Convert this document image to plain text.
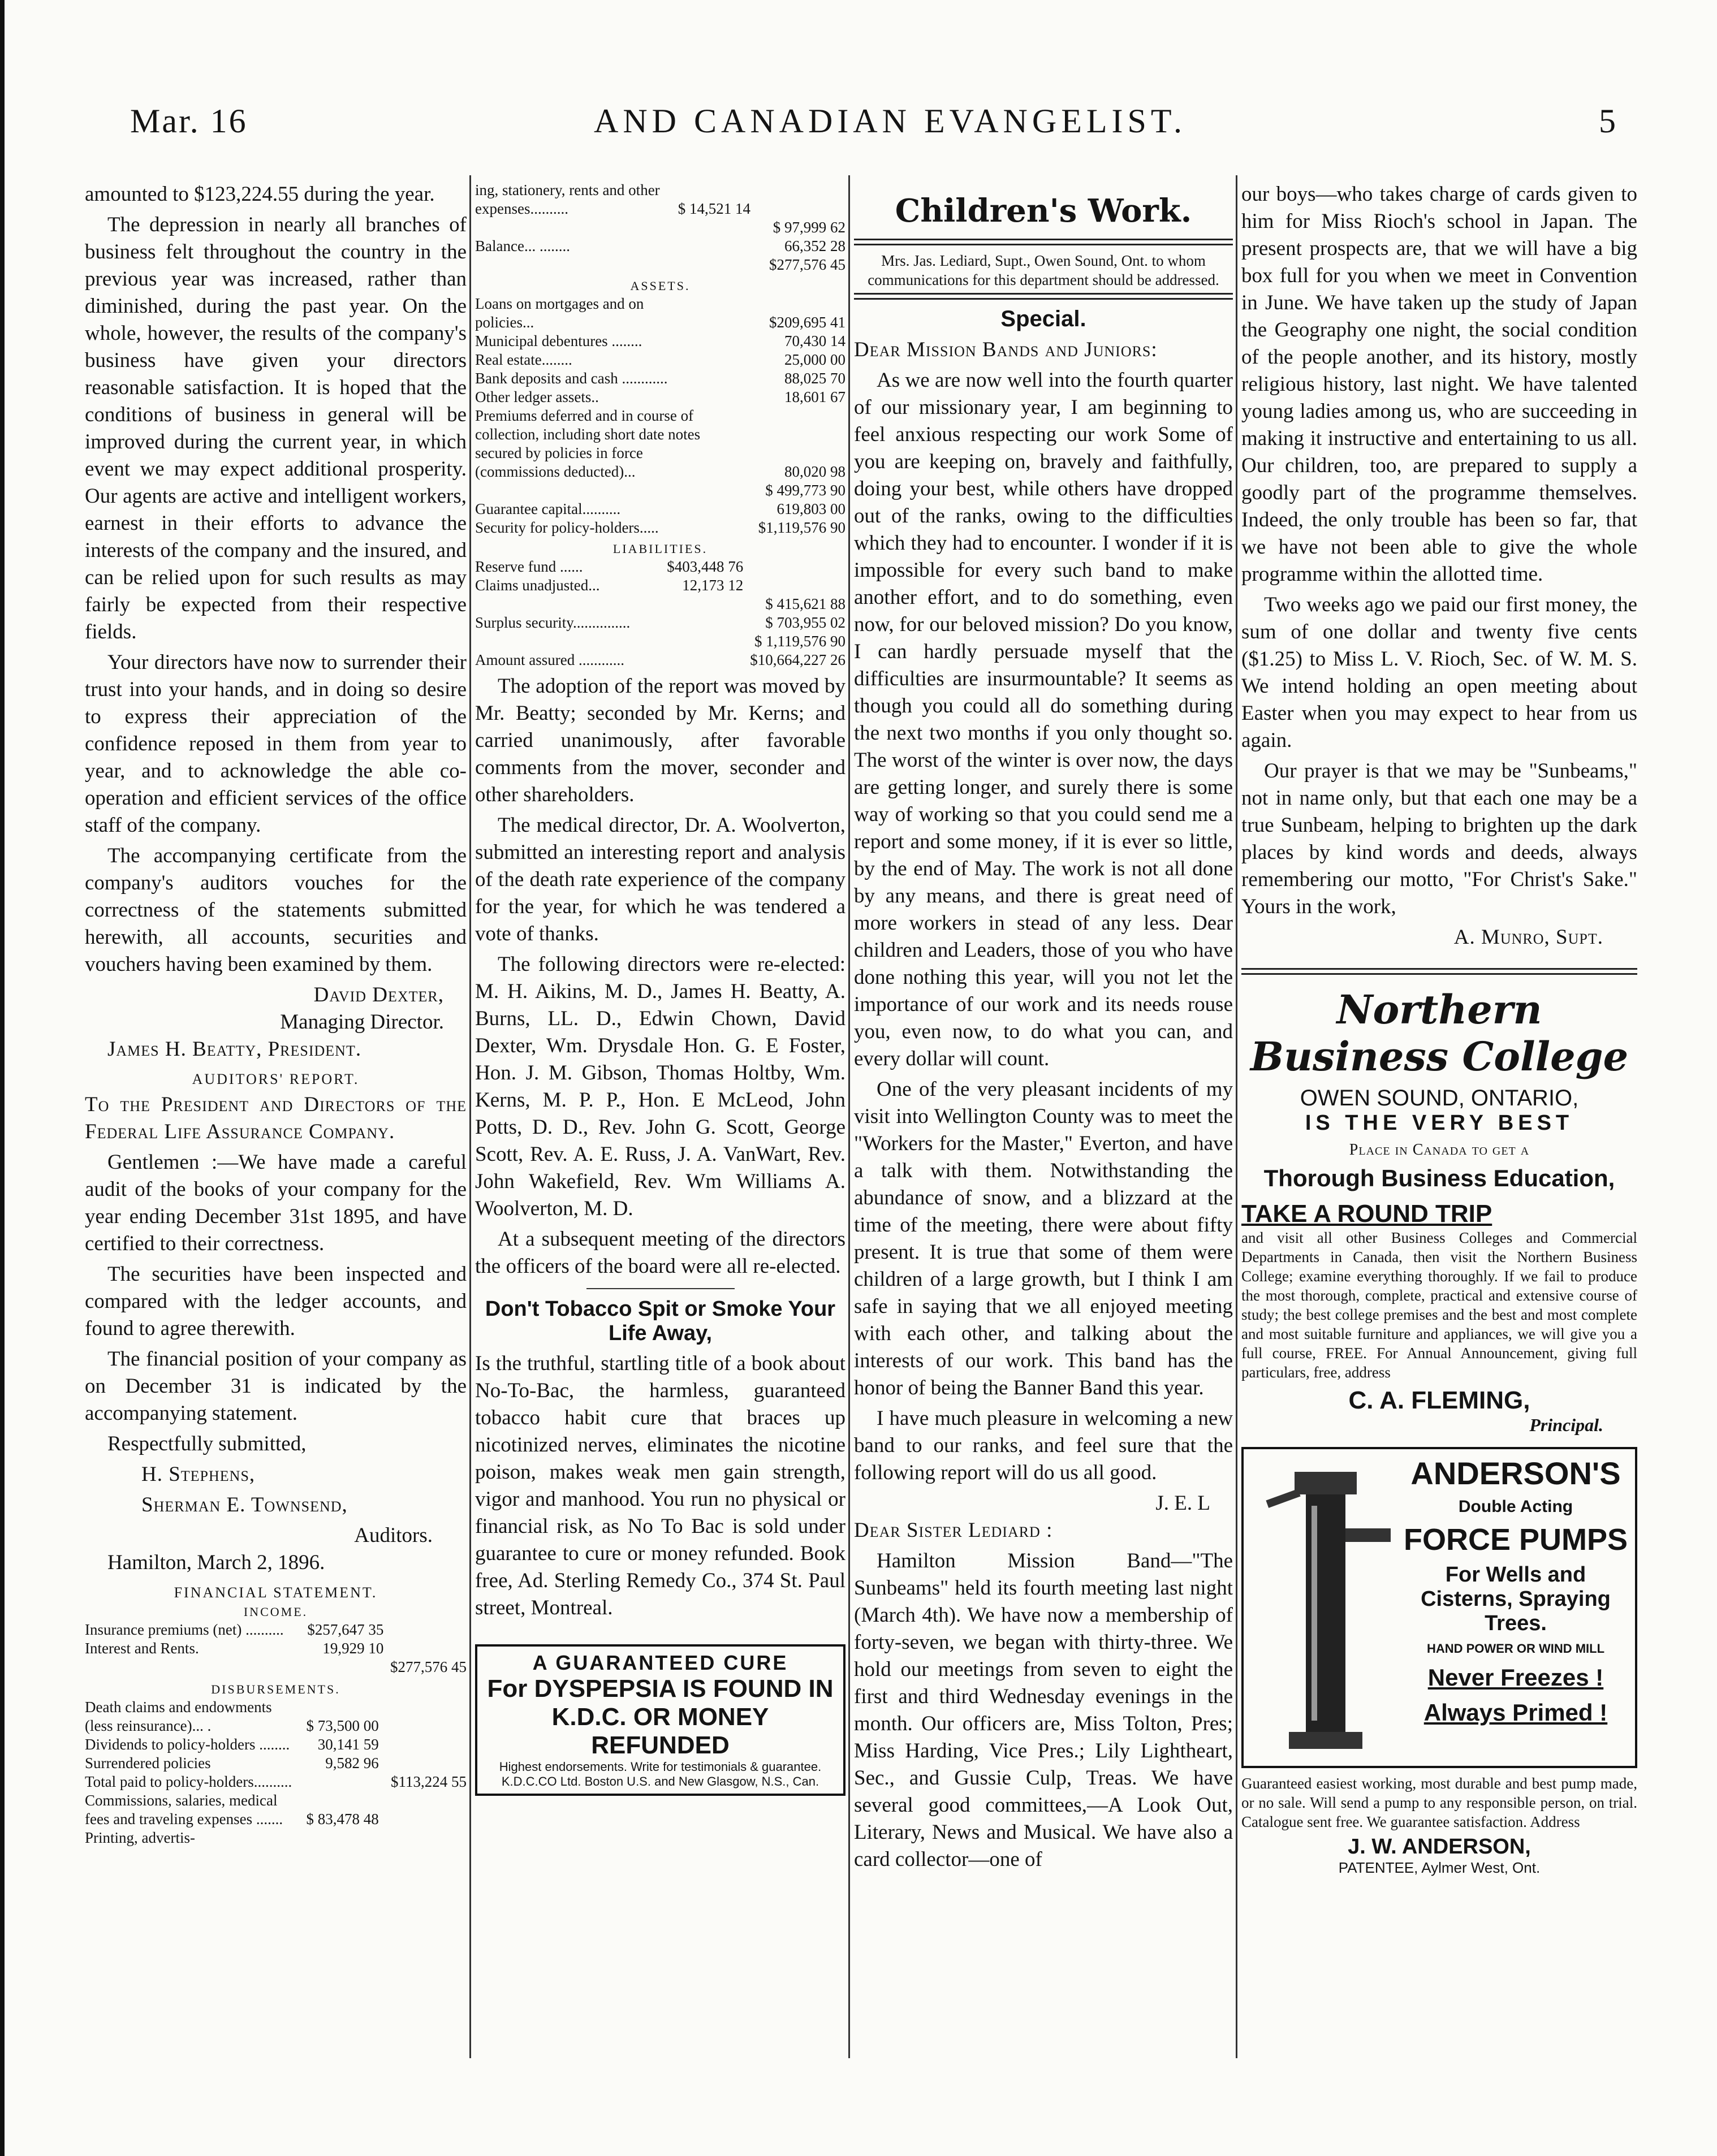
Mar. 16	AND CANADIAN EVANGELIST.	5

amounted to $123,224.55 during the year.

The depression in nearly all branches of business felt throughout the country in the previous year was increased, rather than diminished, during the past year. On the whole, however, the results of the company's business have given your directors reasonable satisfaction. It is hoped that the conditions of business in general will be improved during the current year, in which event we may expect additional prosperity. Our agents are active and intelligent workers, earnest in their efforts to advance the interests of the company and the insured, and can be relied upon for such results as may fairly be expected from their respective fields.

Your directors have now to surrender their trust into your hands, and in doing so desire to express their appreciation of the confidence reposed in them from year to year, and to acknowledge the able co-operation and efficient services of the office staff of the company.

The accompanying certificate from the company's auditors vouches for the correctness of the statements submitted herewith, all accounts, securities and vouchers having been examined by them.

David Dexter,

Managing Director.

James H. Beatty, President.

AUDITORS' REPORT.

To the President and Directors of the Federal Life Assurance Company.

Gentlemen :—We have made a careful audit of the books of your company for the year ending December 31st 1895, and have certified to their correctness.

The securities have been inspected and compared with the ledger accounts, and found to agree therewith.

The financial position of your company as on December 31 is indicated by the accompanying statement.

Respectfully submitted,

H. Stephens,

Sherman E. Townsend,

Auditors.

Hamilton, March 2, 1896.

FINANCIAL STATEMENT.
INCOME.
Insurance premiums (net) ..........	$257,647 35	
Interest and Rents.	19,929 10	
		$277,576 45
DISBURSEMENTS.
Death claims and endowments (less reinsurance)... .	$ 73,500 00	
Dividends to policy-holders ........	30,141 59	
Surrendered policies	9,582 96	
Total paid to policy-holders..........		$113,224 55
Commissions, salaries, medical fees and traveling expenses .......	$ 83,478 48	
Printing, advertis-		
ing, stationery, rents and other expenses..........	$ 14,521 14	
		$ 97,999 62
Balance... ........		66,352 28
		$277,576 45
ASSETS.
Loans on mortgages and on policies...	$209,695 41	
Municipal debentures ........	70,430 14	
Real estate........	25,000 00	
Bank deposits and cash ............	88,025 70	
Other ledger assets..	18,601 67	
Premiums deferred and in course of collection, including short date notes secured by policies in force (commissions deducted)...	80,020 98	
	$ 499,773 90
Guarantee capital..........	619,803 00
Security for policy-holders.....	$1,119,576 90
LIABILITIES.
Reserve fund ......	$403,448 76	
Claims unadjusted...	12,173 12	
		$ 415,621 88
Surplus security...............		$ 703,955 02
		$ 1,119,576 90
Amount assured ............		$10,664,227 26

The adoption of the report was moved by Mr. Beatty; seconded by Mr. Kerns; and carried unanimously, after favorable comments from the mover, seconder and other shareholders.

The medical director, Dr. A. Woolverton, submitted an interesting report and analysis of the death rate experience of the company for the year, for which he was tendered a vote of thanks.

The following directors were re-elected: M. H. Aikins, M. D., James H. Beatty, A. Burns, LL. D., Edwin Chown, David Dexter, Wm. Drysdale Hon. G. E Foster, Hon. J. M. Gibson, Thomas Holtby, Wm. Kerns, M. P. P., Hon. E McLeod, John Potts, D. D., Rev. John G. Scott, George Scott, Rev. A. E. Russ, J. A. VanWart, Rev. John Wakefield, Rev. Wm Williams A. Woolverton, M. D.

At a subsequent meeting of the directors the officers of the board were all re-elected.

Don't Tobacco Spit or Smoke Your Life Away,

Is the truthful, startling title of a book about No-To-Bac, the harmless, guaranteed tobacco habit cure that braces up nicotinized nerves, eliminates the nicotine poison, makes weak men gain strength, vigor and manhood. You run no physical or financial risk, as No To Bac is sold under guarantee to cure or money refunded. Book free, Ad. Sterling Remedy Co., 374 St. Paul street, Montreal.

A GUARANTEED CURE
For DYSPEPSIA IS FOUND IN K.D.C. OR MONEY REFUNDED
Highest endorsements. Write for testimonials & guarantee. K.D.C.CO Ltd. Boston U.S. and New Glasgow, N.S., Can.
Children's Work.

Mrs. Jas. Lediard, Supt., Owen Sound, Ont. to whom communications for this department should be addressed.

Special.

Dear Mission Bands and Juniors:

As we are now well into the fourth quarter of our missionary year, I am beginning to feel anxious respecting our work Some of you are keeping on, bravely and faithfully, doing your best, while others have dropped out of the ranks, owing to the difficulties which they had to encounter. I wonder if it is impossible for every such band to make another effort, and to do something, even now, for our beloved mission? Do you know, I can hardly persuade myself that the difficulties are insurmountable? It seems as though you could all do something during the next two months if you only thought so. The worst of the winter is over now, the days are getting longer, and surely there is some way of working so that you could send me a report and some money, if it is ever so little, by the end of May. The work is not all done by any means, and there is great need of more workers in stead of any less. Dear children and Leaders, those of you who have done nothing this year, will you not let the importance of our work and its needs rouse you, even now, to do what you can, and every dollar will count.

One of the very pleasant incidents of my visit into Wellington County was to meet the "Workers for the Master," Everton, and have a talk with them. Notwithstanding the abundance of snow, and a blizzard at the time of the meeting, there were about fifty present. It is true that some of them were children of a large growth, but I think I am safe in saying that we all enjoyed meeting with each other, and talking about the interests of our work. This band has the honor of being the Banner Band this year.

I have much pleasure in welcoming a new band to our ranks, and feel sure that the following report will do us all good.

J. E. L

Dear Sister Lediard :

Hamilton Mission Band—"The Sunbeams" held its fourth meeting last night (March 4th). We have now a membership of forty-seven, we began with thirty-three. We hold our meetings from seven to eight the first and third Wednesday evenings in the month. Our officers are, Miss Tolton, Pres; Miss Harding, Vice Pres.; Lily Lightheart, Sec., and Gussie Culp, Treas. We have several good committees,—A Look Out, Literary, News and Musical. We have also a card collector—one of

our boys—who takes charge of cards given to him for Miss Rioch's school in Japan. The present prospects are, that we will have a big box full for you when we meet in Convention in June. We have taken up the study of Japan the Geography one night, the social condition of the people another, and its history, mostly religious history, last night. We have talented young ladies among us, who are succeeding in making it instructive and entertaining to us all. Our children, too, are prepared to supply a goodly part of the programme themselves. Indeed, the only trouble has been so far, that we have not been able to give the whole programme within the allotted time.

Two weeks ago we paid our first money, the sum of one dollar and twenty five cents ($1.25) to Miss L. V. Rioch, Sec. of W. M. S. We intend holding an open meeting about Easter when you may expect to hear from us again.

Our prayer is that we may be "Sunbeams," not in name only, but that each one may be a true Sunbeam, helping to brighten up the dark places by kind words and deeds, always remembering our motto, "For Christ's Sake." Yours in the work,

A. Munro, Supt.

Northern Business College
OWEN SOUND, ONTARIO,
IS THE VERY BEST
Place in Canada to get a
Thorough Business Education,
TAKE A ROUND TRIP

and visit all other Business Colleges and Commercial Departments in Canada, then visit the Northern Business College; examine everything thoroughly. If we fail to produce the most thorough, complete, practical and extensive course of study; the best college premises and the best and most complete and most suitable furniture and appliances, we will give you a full course, FREE. For Annual Announcement, giving full particulars, free, address

C. A. FLEMING,
Principal.
ANDERSON'S
Double Acting
FORCE PUMPS
For Wells and Cisterns, Spraying Trees.
HAND POWER OR WIND MILL
Never Freezes !
Always Primed !

Guaranteed easiest working, most durable and best pump made, or no sale. Will send a pump to any responsible person, on trial. Catalogue sent free. We guarantee satisfaction. Address

J. W. ANDERSON,
PATENTEE, Aylmer West, Ont.
